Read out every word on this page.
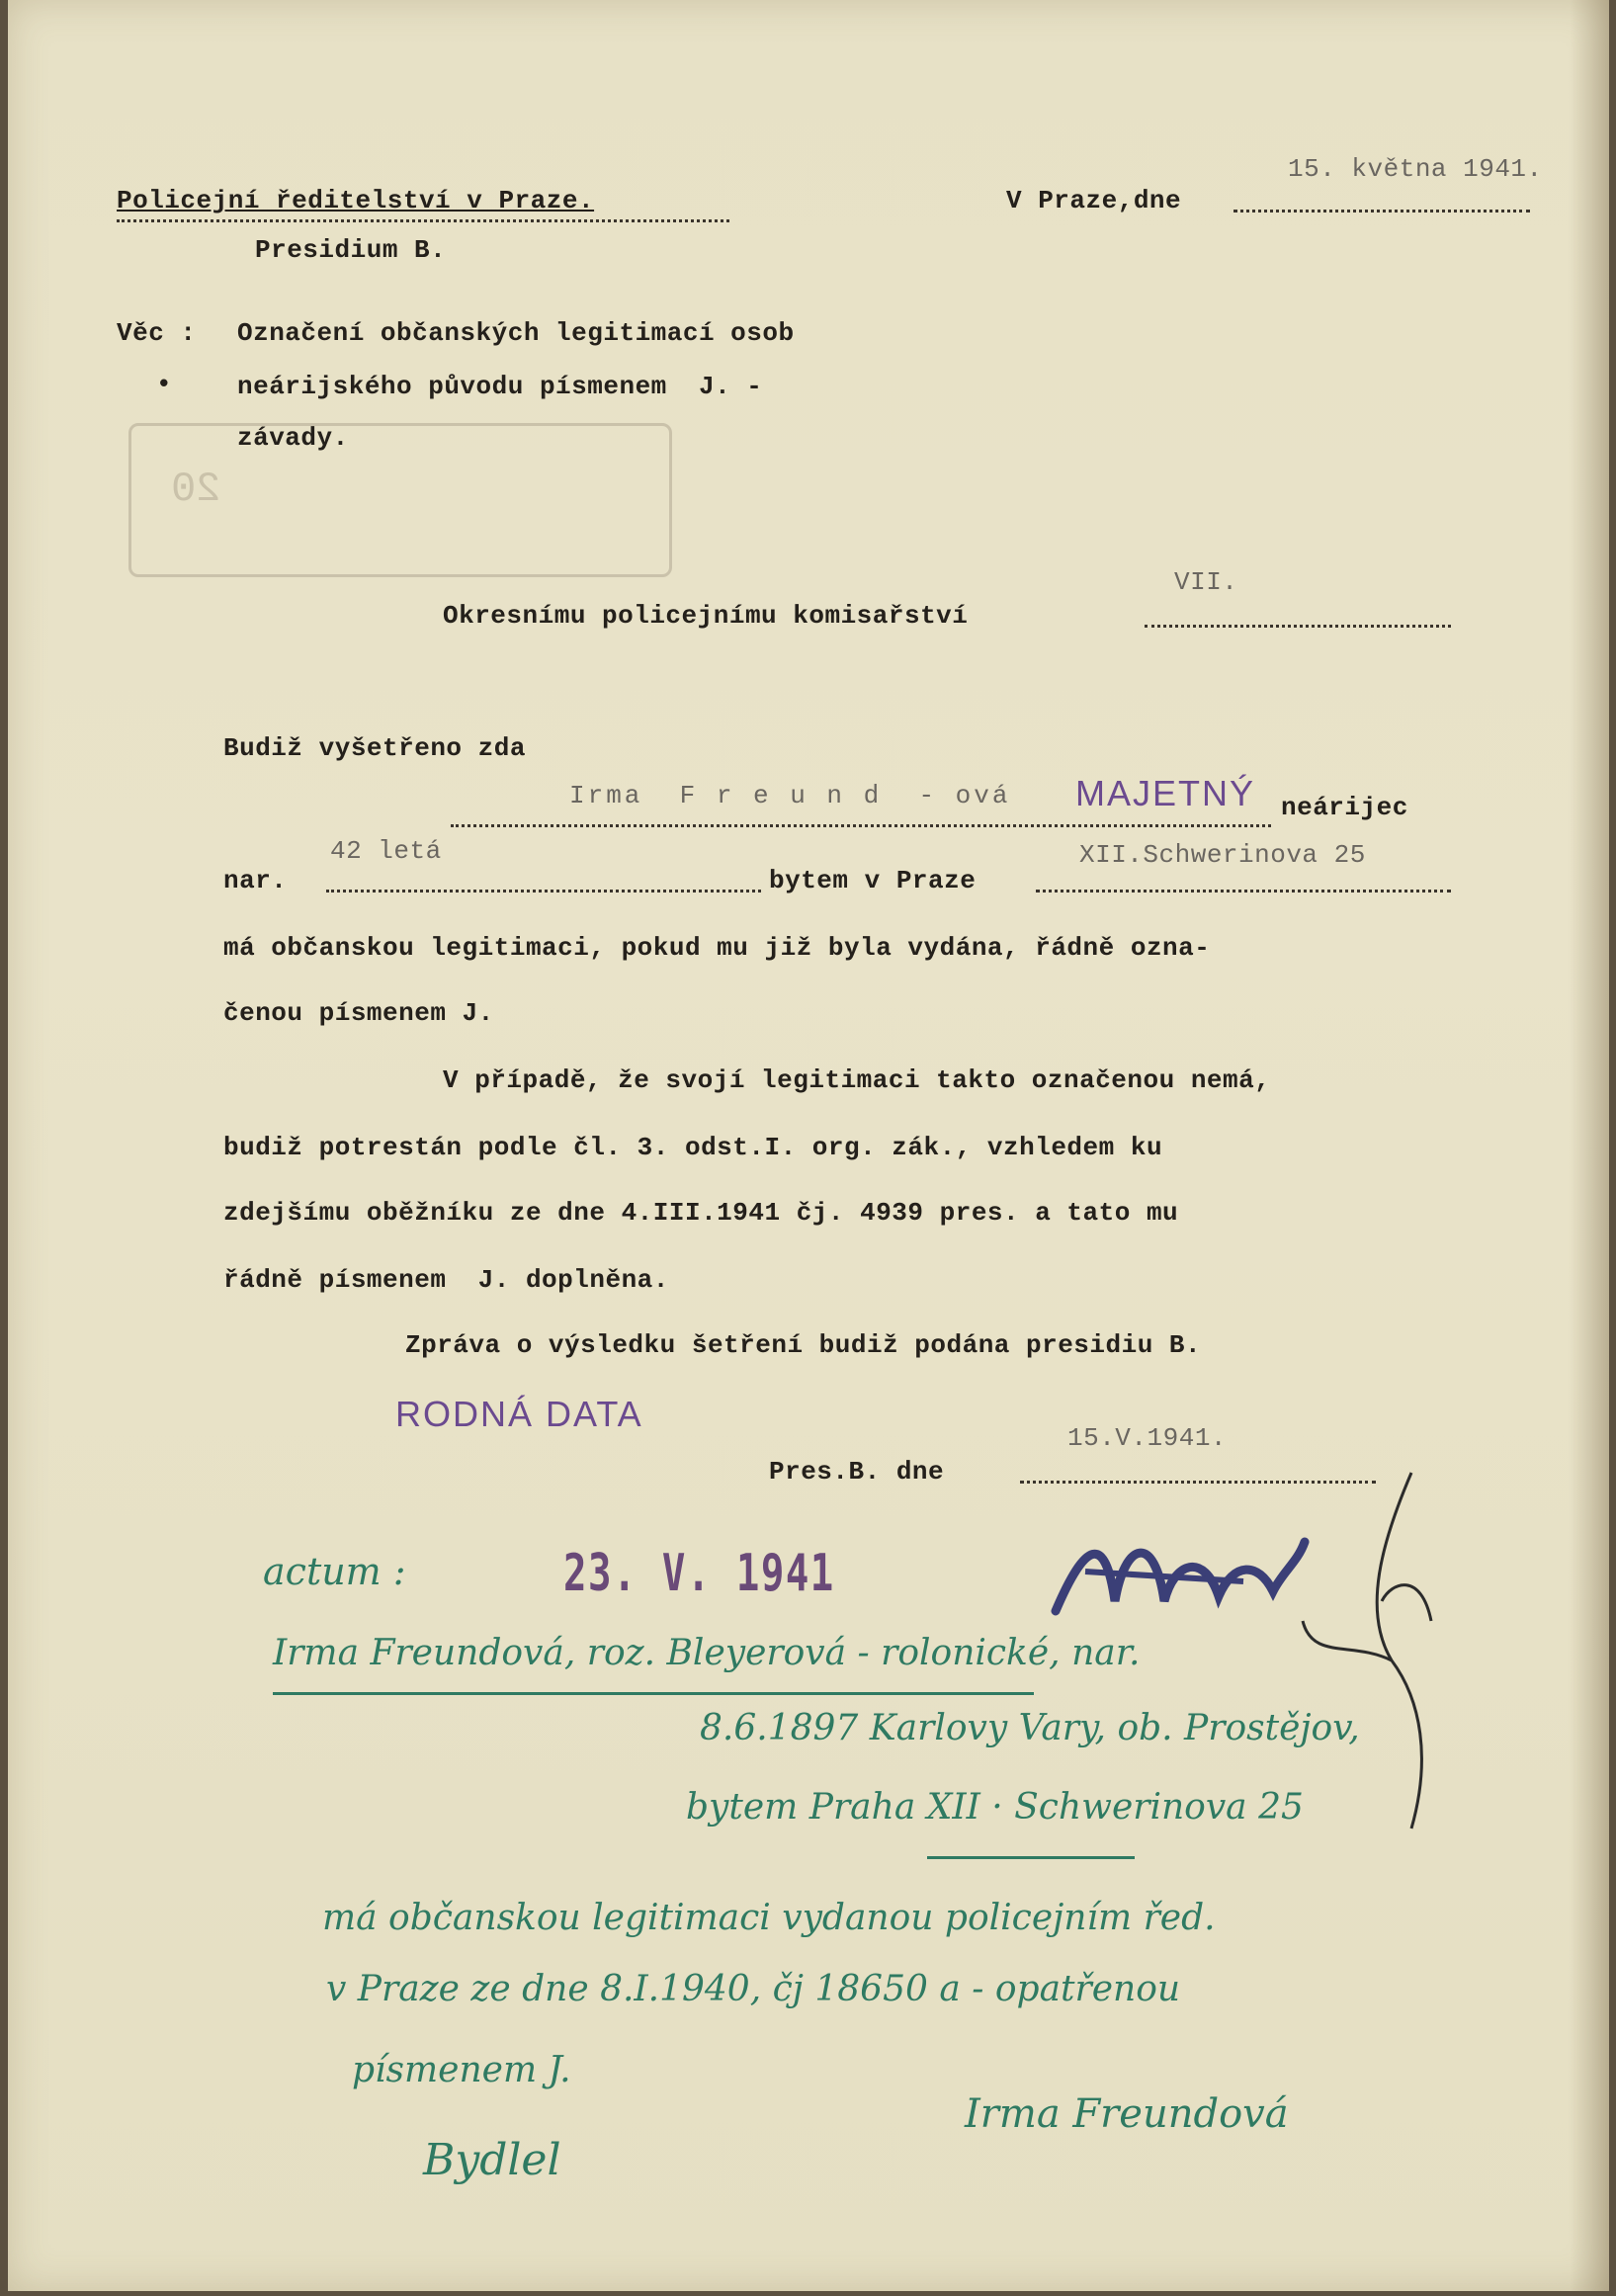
20
Policejní ředitelství v Praze.
Presidium B.
V Praze,dne
15. května 1941.
Věc :
•
Označení občanských legitimací osob
neárijského původu písmenem  J. -
závady.
VII.
Okresnímu policejnímu komisařství
Budiž vyšetřeno zda
Irma  F r e u n d  - ová MAJETNÝ neárijec
42 letá	XII.Schwerinova 25
nar.	bytem v Praze
má občanskou legitimaci, pokud mu již byla vydána, řádně ozna-
čenou písmenem J.
V případě, že svojí legitimaci takto označenou nemá,
budiž potrestán podle čl. 3. odst.I. org. zák., vzhledem ku
zdejšímu oběžníku ze dne 4.III.1941 čj. 4939 pres. a tato mu
řádně písmenem  J. doplněna.
Zpráva o výsledku šetření budiž podána presidiu B.
RODNÁ DATA
15.V.1941.
Pres.B. dne
23. V. 1941
actum :
Irma Freundová, roz. Bleyerová - rolonické, nar.
8.6.1897 Karlovy Vary, ob. Prostějov,
bytem Praha XII · Schwerinova 25
má občanskou legitimaci vydanou policejním řed.
v Praze ze dne 8.I.1940, čj 18650 a - opatřenou
písmenem J.
Bydlel
Irma Freundová
